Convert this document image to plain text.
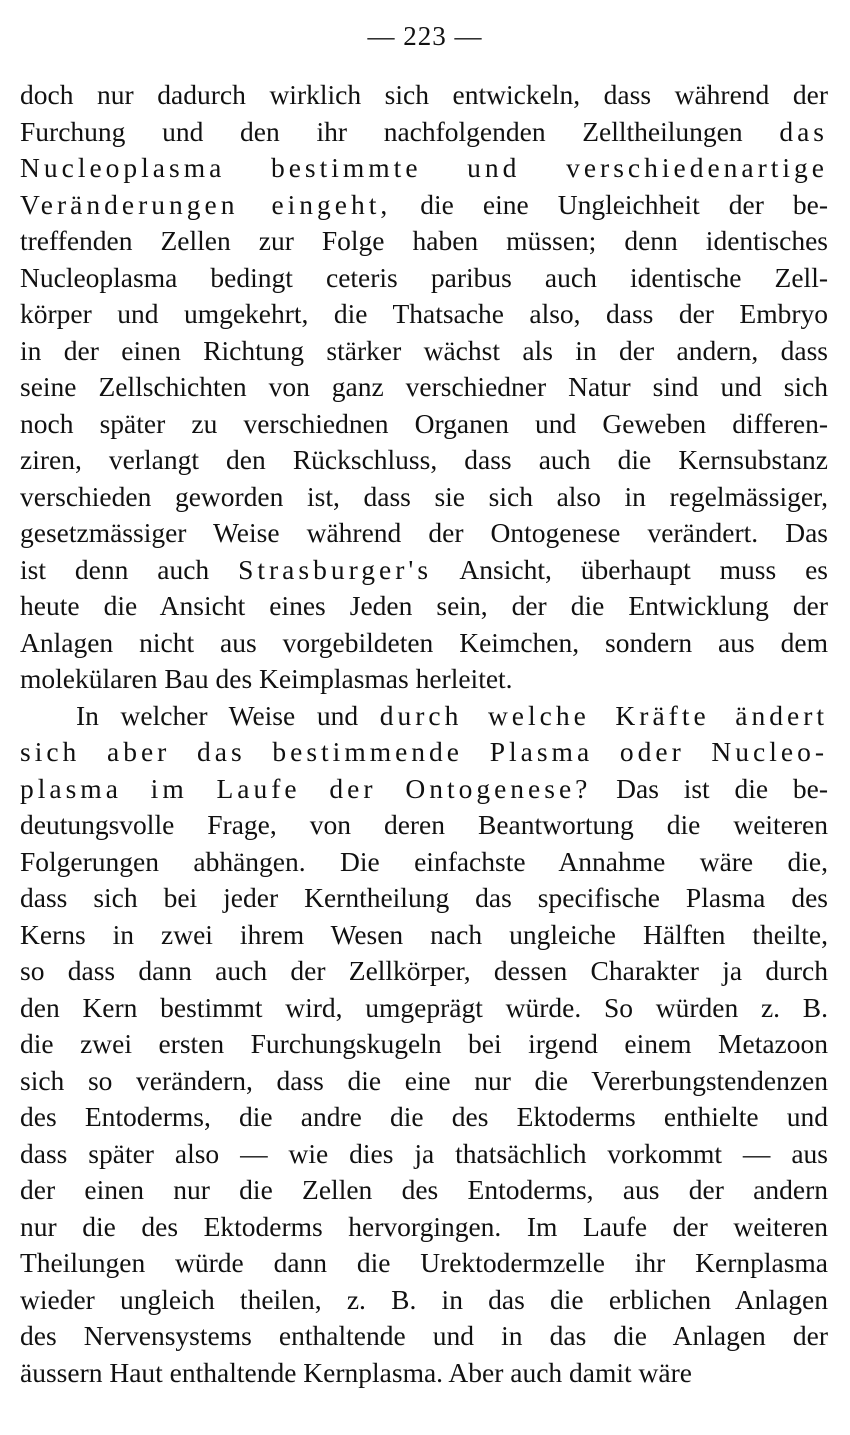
— 223 —
doch nur dadurch wirklich sich entwickeln, dass während der
Furchung und den ihr nachfolgenden Zelltheilungen das
Nucleoplasma bestimmte und verschiedenartige
Veränderungen eingeht, die eine Ungleichheit der be-
treffenden Zellen zur Folge haben müssen; denn identisches
Nucleoplasma bedingt ceteris paribus auch identische Zell-
körper und umgekehrt, die Thatsache also, dass der Embryo
in der einen Richtung stärker wächst als in der andern, dass
seine Zellschichten von ganz verschiedner Natur sind und sich
noch später zu verschiednen Organen und Geweben differen-
ziren, verlangt den Rückschluss, dass auch die Kernsubstanz
verschieden geworden ist, dass sie sich also in regelmässiger,
gesetzmässiger Weise während der Ontogenese verändert. Das
ist denn auch Strasburger's Ansicht, überhaupt muss es
heute die Ansicht eines Jeden sein, der die Entwicklung der
Anlagen nicht aus vorgebildeten Keimchen, sondern aus dem
molekülaren Bau des Keimplasmas herleitet.
In welcher Weise und durch welche Kräfte ändert
sich aber das bestimmende Plasma oder Nucleo-
plasma im Laufe der Ontogenese? Das ist die be-
deutungsvolle Frage, von deren Beantwortung die weiteren
Folgerungen abhängen. Die einfachste Annahme wäre die,
dass sich bei jeder Kerntheilung das specifische Plasma des
Kerns in zwei ihrem Wesen nach ungleiche Hälften theilte,
so dass dann auch der Zellkörper, dessen Charakter ja durch
den Kern bestimmt wird, umgeprägt würde. So würden z. B.
die zwei ersten Furchungskugeln bei irgend einem Metazoon
sich so verändern, dass die eine nur die Vererbungstendenzen
des Entoderms, die andre die des Ektoderms enthielte und
dass später also — wie dies ja thatsächlich vorkommt — aus
der einen nur die Zellen des Entoderms, aus der andern
nur die des Ektoderms hervorgingen. Im Laufe der weiteren
Theilungen würde dann die Urektodermzelle ihr Kernplasma
wieder ungleich theilen, z. B. in das die erblichen Anlagen
des Nervensystems enthaltende und in das die Anlagen der
äussern Haut enthaltende Kernplasma. Aber auch damit wäre
